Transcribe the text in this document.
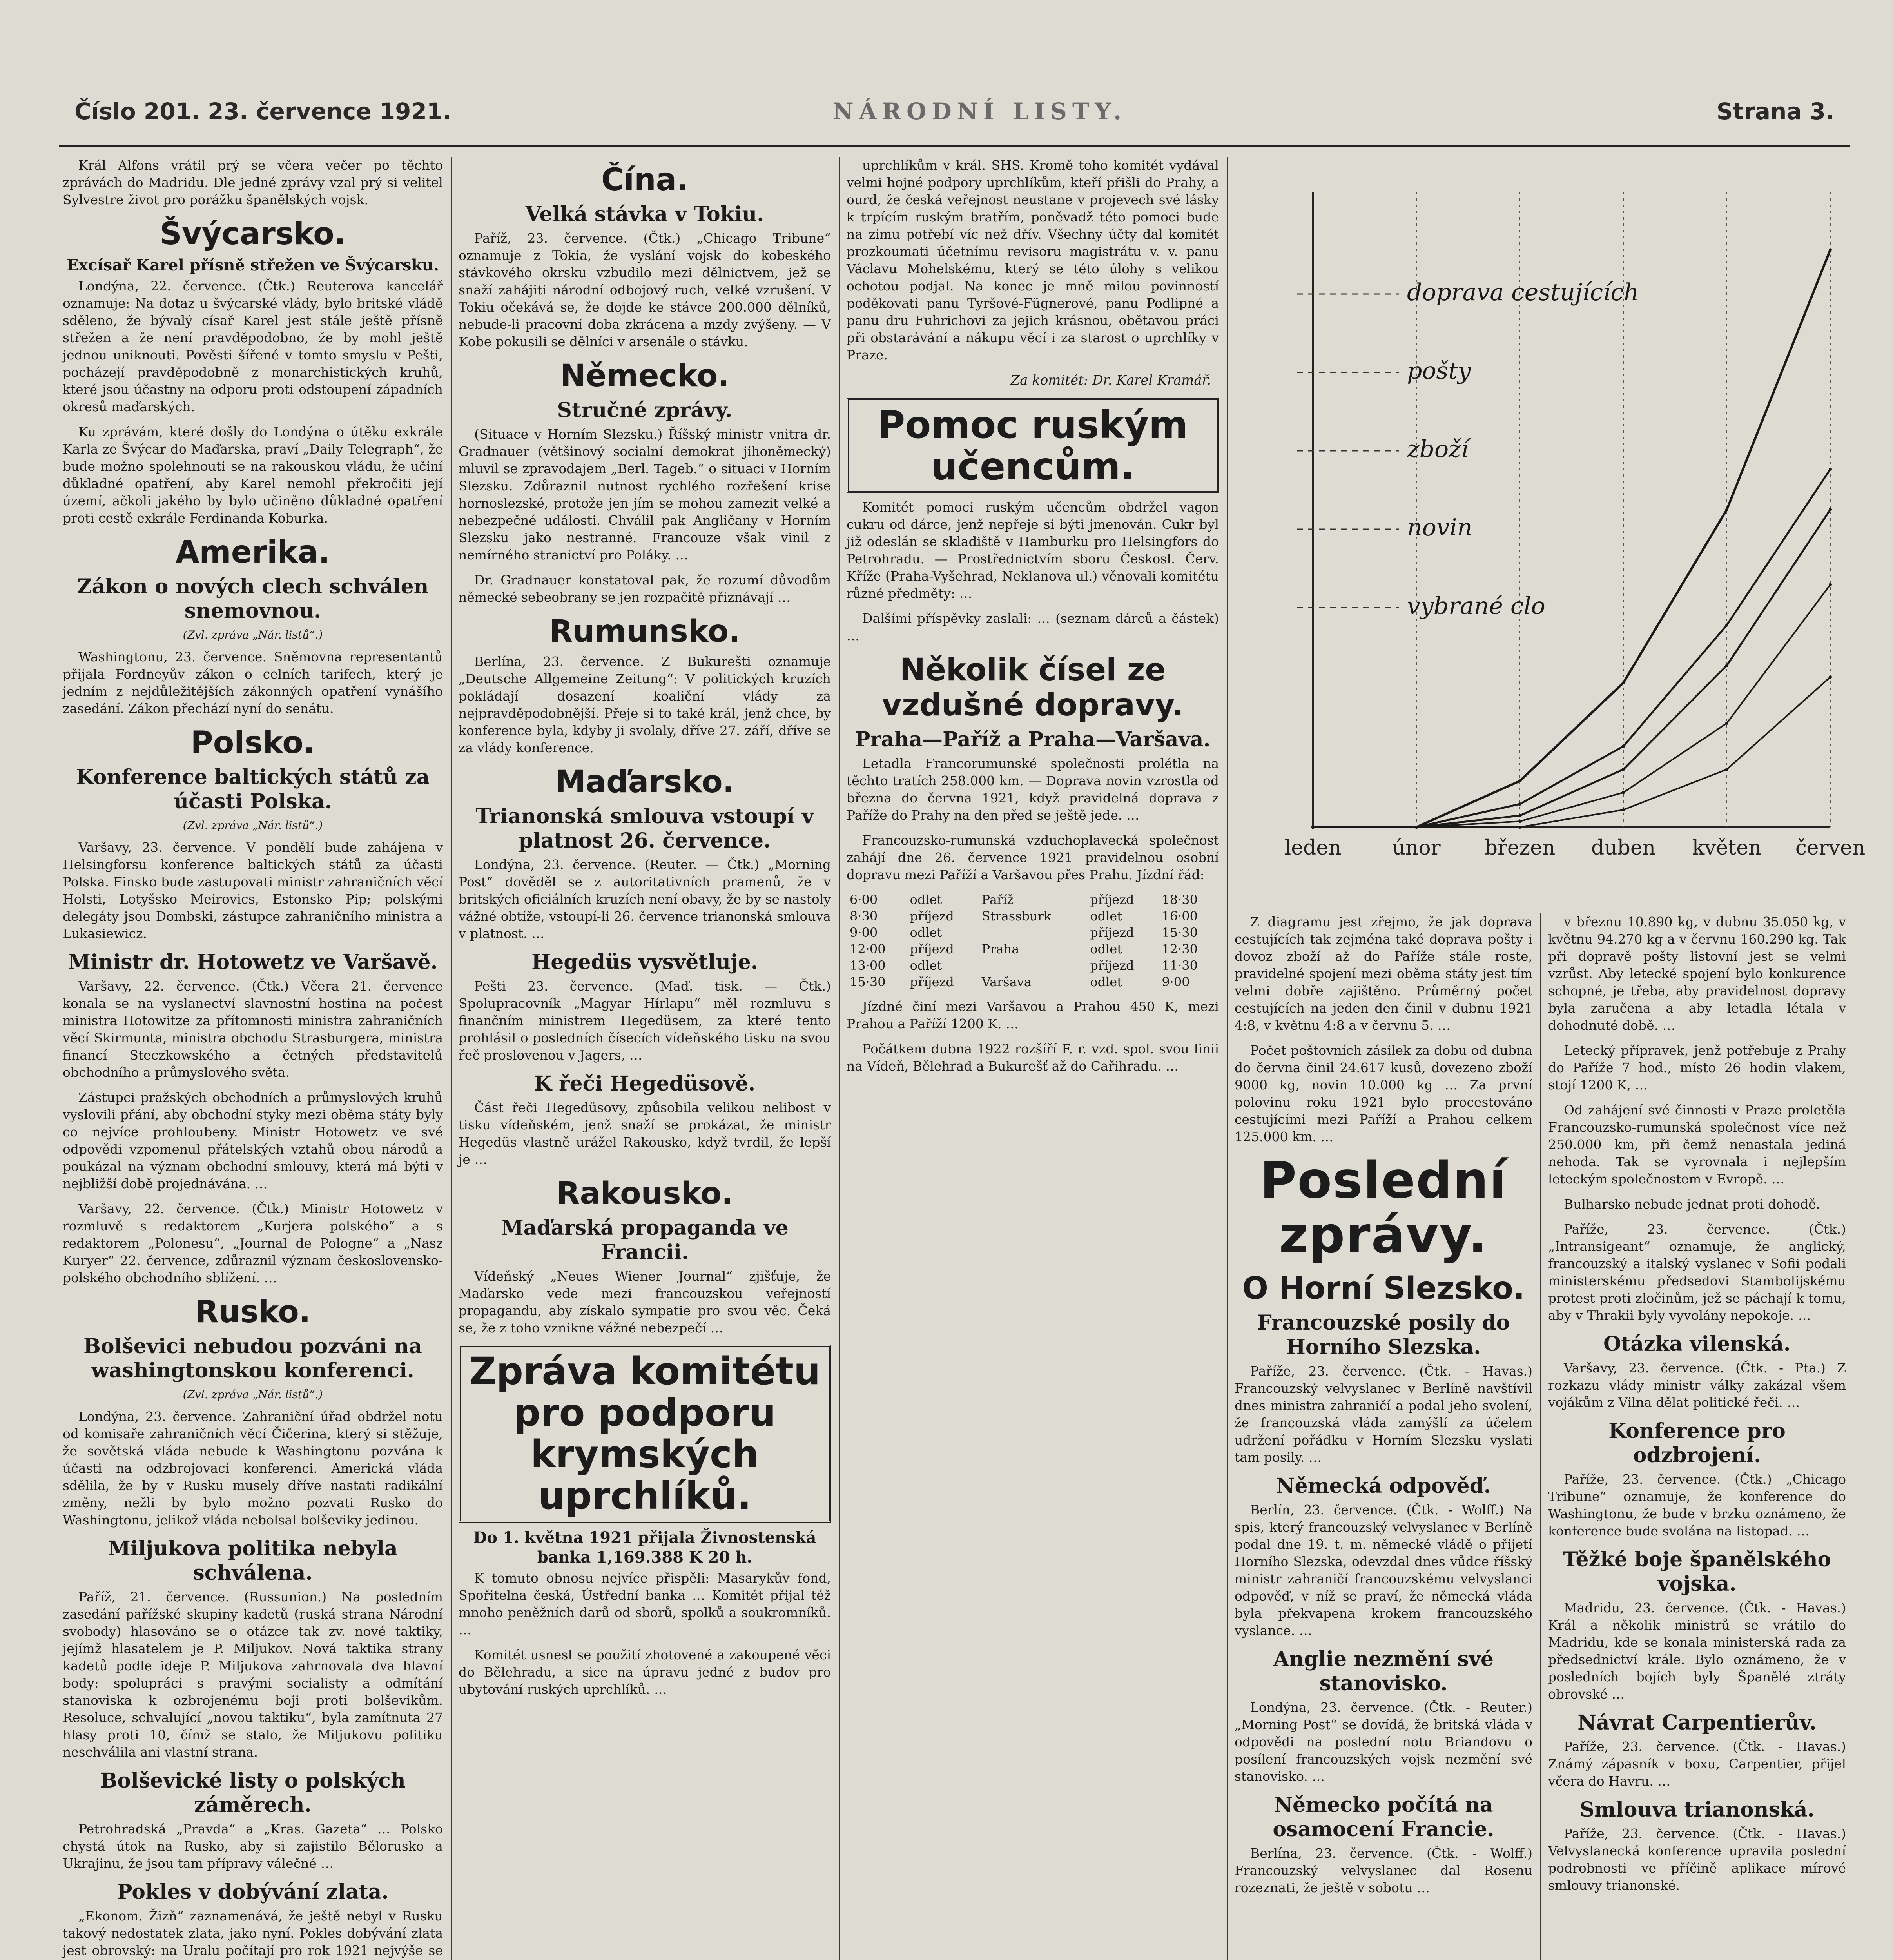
Číslo 201. 23. července 1921.	NÁRODNÍ LISTY.	Strana 3.

Král Alfons vrátil prý se včera večer po těchto zprávách do Madridu. Dle jedné zprávy vzal prý si velitel Sylvestre život pro porážku španělských vojsk.

Švýcarsko.
Excísař Karel přísně střežen ve Švýcarsku.

Londýna, 22. července. (Čtk.) Reuterova kancelář oznamuje: Na dotaz u švýcarské vlády, bylo britské vládě sděleno, že bývalý císař Karel jest stále ještě přísně střežen a že není pravděpodobno, že by mohl ještě jednou uniknouti. Pověsti šířené v tomto smyslu v Pešti, pocházejí pravděpodobně z monarchistických kruhů, které jsou účastny na odporu proti odstoupení západních okresů maďarských.

Ku zprávám, které došly do Londýna o útěku exkrále Karla ze Švýcar do Maďarska, praví „Daily Telegraph“, že bude možno spolehnouti se na rakouskou vládu, že učiní důkladné opatření, aby Karel nemohl překročiti její území, ačkoli jakého by bylo učiněno důkladné opatření proti cestě exkrále Ferdinanda Koburka.

Amerika.
Zákon o nových clech schválen snemovnou.
(Zvl. zpráva „Nár. listů“.)

Washingtonu, 23. července. Sněmovna representantů přijala Fordneyův zákon o celních tarifech, který je jedním z nejdůležitějších zákonných opatření vynášího zasedání. Zákon přechází nyní do senátu.

Polsko.
Konference baltických států za účasti Polska.
(Zvl. zpráva „Nár. listů“.)

Varšavy, 23. července. V pondělí bude zahájena v Helsingforsu konference baltických států za účasti Polska. Finsko bude zastupovati ministr zahraničních věcí Holsti, Lotyšsko Meirovics, Estonsko Pip; polskými delegáty jsou Dombski, zástupce zahraničního ministra a Lukasiewicz.

Ministr dr. Hotowetz ve Varšavě.

Varšavy, 22. července. (Čtk.) Včera 21. července konala se na vyslanectví slavnostní hostina na počest ministra Hotowitze za přítomnosti ministra zahraničních věcí Skirmunta, ministra obchodu Strasburgera, ministra financí Steczkowského a četných představitelů obchodního a průmyslového světa.

Zástupci pražských obchodních a průmyslových kruhů vyslovili přání, aby obchodní styky mezi oběma státy byly co nejvíce prohloubeny. Ministr Hotowetz ve své odpovědi vzpomenul přátelských vztahů obou národů a poukázal na význam obchodní smlouvy, která má býti v nejbližší době projednávána. …

Varšavy, 22. července. (Čtk.) Ministr Hotowetz v rozmluvě s redaktorem „Kurjera polského“ a s redaktorem „Polonesu“, „Journal de Pologne“ a „Nasz Kuryer“ 22. července, zdůraznil význam československo-polského obchodního sblížení. …

Rusko.
Bolševici nebudou pozváni na washingtonskou konferenci.
(Zvl. zpráva „Nár. listů“.)

Londýna, 23. července. Zahraniční úřad obdržel notu od komisaře zahraničních věcí Čičerina, který si stěžuje, že sovětská vláda nebude k Washingtonu pozvána k účasti na odzbrojovací konferenci. Americká vláda sdělila, že by v Rusku musely dříve nastati radikální změny, nežli by bylo možno pozvati Rusko do Washingtonu, jelikož vláda nebolsal bolševiky jedinou.

Miljukova politika nebyla schválena.

Paříž, 21. července. (Russunion.) Na posledním zasedání pařížské skupiny kadetů (ruská strana Národní svobody) hlasováno se o otázce tak zv. nové taktiky, jejímž hlasatelem je P. Miljukov. Nová taktika strany kadetů podle ideje P. Miljukova zahrnovala dva hlavní body: spolupráci s pravými socialisty a odmítání stanoviska k ozbrojenému boji proti bolševikům. Resoluce, schvalující „novou taktiku“, byla zamítnuta 27 hlasy proti 10, čímž se stalo, že Miljukovu politiku neschválila ani vlastní strana.

Bolševické listy o polských záměrech.

Petrohradská „Pravda“ a „Kras. Gazeta“ … Polsko chystá útok na Rusko, aby si zajistilo Bělorusko a Ukrajinu, že jsou tam přípravy válečné …

Pokles v dobývání zlata.

„Ekonom. Žizň“ zaznamenává, že ještě nebyl v Rusku takový nedostatek zlata, jako nyní. Pokles dobývání zlata jest obrovský: na Uralu počítají pro rok 1921 nejvýše se

Čína.
Velká stávka v Tokiu.

Paříž, 23. července. (Čtk.) „Chicago Tribune“ oznamuje z Tokia, že vyslání vojsk do kobeského stávkového okrsku vzbudilo mezi dělnictvem, jež se snaží zahájiti národní odbojový ruch, velké vzrušení. V Tokiu očekává se, že dojde ke stávce 200.000 dělníků, nebude-li pracovní doba zkrácena a mzdy zvýšeny. — V Kobe pokusili se dělníci v arsenále o stávku.

Německo.
Stručné zprávy.

(Situace v Horním Slezsku.) Říšský ministr vnitra dr. Gradnauer (většinový socialní demokrat jihoněmecký) mluvil se zpravodajem „Berl. Tageb.“ o situaci v Horním Slezsku. Zdůraznil nutnost rychlého rozřešení krise hornoslezské, protože jen jím se mohou zamezit velké a nebezpečné události. Chválil pak Angličany v Horním Slezsku jako nestranné. Francouze však vinil z nemírného stranictví pro Poláky. …

Dr. Gradnauer konstatoval pak, že rozumí důvodům německé sebeobrany se jen rozpačitě přiznávají …

Rumunsko.

Berlína, 23. července. Z Bukurešti oznamuje „Deutsche Allgemeine Zeitung“: V politických kruzích pokládají dosazení koaliční vlády za nejpravděpodobnější. Přeje si to také král, jenž chce, by konference byla, kdyby ji svolaly, dříve 27. září, dříve se za vlády konference.

Maďarsko.
Trianonská smlouva vstoupí v platnost 26. července.

Londýna, 23. července. (Reuter. — Čtk.) „Morning Post“ dověděl se z autoritativních pramenů, že v britských oficiálních kruzích není obavy, že by se nastoly vážné obtíže, vstoupí-li 26. července trianonská smlouva v platnost. …

Hegedüs vysvětluje.

Pešti 23. července. (Maď. tisk. — Čtk.) Spolupracovník „Magyar Hírlapu“ měl rozmluvu s finančním ministrem Hegedüsem, za které tento prohlásil o posledních čísecích vídeňského tisku na svou řeč proslovenou v Jagers, …

K řeči Hegedüsově.

Část řeči Hegedüsovy, způsobila velikou nelibost v tisku vídeňském, jenž snaží se prokázat, že ministr Hegedüs vlastně urážel Rakousko, když tvrdil, že lepší je …

Rakousko.
Maďarská propaganda ve Francii.

Vídeňský „Neues Wiener Journal“ zjišťuje, že Maďarsko vede mezi francouzskou veřejností propagandu, aby získalo sympatie pro svou věc. Čeká se, že z toho vznikne vážné nebezpečí …

Zpráva komitétu pro podporu krymských uprchlíků.
Do 1. května 1921 přijala Živnostenská banka 1,169.388 K 20 h.

K tomuto obnosu nejvíce přispěli: Masarykův fond, Spořitelna česká, Ústřední banka … Komitét přijal též mnoho peněžních darů od sborů, spolků a soukromníků. …

Komitét usnesl se použití zhotovené a zakoupené věci do Bělehradu, a sice na úpravu jedné z budov pro ubytování ruských uprchlíků. …

uprchlíkům v král. SHS. Kromě toho komitét vydával velmi hojné podpory uprchlíkům, kteří přišli do Prahy, a ourd, že česká veřejnost neustane v projevech své lásky k trpícím ruským bratřím, poněvadž této pomoci bude na zimu potřebí víc než dřív. Všechny účty dal komitét prozkoumati účetnímu revisoru magistrátu v. v. panu Václavu Mohelskému, který se této úlohy s velikou ochotou podjal. Na konec je mně milou povinností poděkovati panu Tyršové-Fügnerové, panu Podlipné a panu dru Fuhrichovi za jejich krásnou, obětavou práci při obstarávání a nákupu věcí i za starost o uprchlíky v Praze.

Za komitét: Dr. Karel Kramář.
Pomoc ruským učencům.

Komitét pomoci ruským učencům obdržel vagon cukru od dárce, jenž nepřeje si býti jmenován. Cukr byl již odeslán se skladiště v Hamburku pro Helsingfors do Petrohradu. — Prostřednictvím sboru Českosl. Červ. Kříže (Praha-Vyšehrad, Neklanova ul.) věnovali komitétu různé předměty: …

Dalšími příspěvky zaslali: … (seznam dárců a částek) …

Několik čísel ze vzdušné dopravy.
Praha—Paříž a Praha—Varšava.

Letadla Francorumunské společnosti prolétla na těchto tratích 258.000 km. — Doprava novin vzrostla od března do června 1921, když pravidelná doprava z Paříže do Prahy na den před se ještě jede. …

Francouzsko-rumunská vzduchoplavecká společnost zahájí dne 26. července 1921 pravidelnou osobní dopravu mezi Paříží a Varšavou přes Prahu. Jízdní řád:

6·00	odlet	Paříž	příjezd	18·30
8·30	příjezd	Strassburk	odlet	16·00
9·00	odlet		příjezd	15·30
12·00	příjezd	Praha	odlet	12·30
13·00	odlet		příjezd	11·30
15·30	příjezd	Varšava	odlet	9·00

Jízdné činí mezi Varšavou a Prahou 450 K, mezi Prahou a Paříží 1200 K. …

Počátkem dubna 1922 rozšíří F. r. vzd. spol. svou linii na Vídeň, Bělehrad a Bukurešť až do Cařihradu. …

leden únor březen duben květen červen
doprava cestujících
pošty
zboží
novin
vybrané clo

Z diagramu jest zřejmo, že jak doprava cestujících tak zejména také doprava pošty i dovoz zboží až do Paříže stále roste, pravidelné spojení mezi oběma státy jest tím velmi dobře zajištěno. Průměrný počet cestujících na jeden den činil v dubnu 1921 4:8, v květnu 4:8 a v červnu 5. …

Počet poštovních zásilek za dobu od dubna do června činil 24.617 kusů, dovezeno zboží 9000 kg, novin 10.000 kg … Za první polovinu roku 1921 bylo procestováno cestujícími mezi Paříží a Prahou celkem 125.000 km. …

Poslední zprávy.
O Horní Slezsko.
Francouzské posily do Horního Slezska.

Paříže, 23. července. (Čtk. - Havas.) Francouzský velvyslanec v Berlíně navštívil dnes ministra zahraničí a podal jeho svolení, že francouzská vláda zamýšlí za účelem udržení pořádku v Horním Slezsku vyslati tam posily. …

Německá odpověď.

Berlín, 23. července. (Čtk. - Wolff.) Na spis, který francouzský velvyslanec v Berlíně podal dne 19. t. m. německé vládě o přijetí Horního Slezska, odevzdal dnes vůdce říšský ministr zahraničí francouzskému velvyslanci odpověď, v níž se praví, že německá vláda byla překvapena krokem francouzského vyslance. …

Anglie nezmění své stanovisko.

Londýna, 23. července. (Čtk. - Reuter.) „Morning Post“ se dovídá, že britská vláda v odpovědi na poslední notu Briandovu o posílení francouzských vojsk nezmění své stanovisko. …

Německo počítá na osamocení Francie.

Berlína, 23. července. (Čtk. - Wolff.) Francouzský velvyslanec dal Rosenu rozeznati, že ještě v sobotu …

v březnu 10.890 kg, v dubnu 35.050 kg, v květnu 94.270 kg a v červnu 160.290 kg. Tak při dopravě pošty listovní jest se velmi vzrůst. Aby letecké spojení bylo konkurence schopné, je třeba, aby pravidelnost dopravy byla zaručena a aby letadla létala v dohodnuté době. …

Letecký přípravek, jenž potřebuje z Prahy do Paříže 7 hod., místo 26 hodin vlakem, stojí 1200 K, …

Od zahájení své činnosti v Praze proletěla Francouzsko-rumunská společnost více než 250.000 km, při čemž nenastala jediná nehoda. Tak se vyrovnala i nejlepším leteckým společnostem v Evropě. …

Bulharsko nebude jednat proti dohodě.

Paříže, 23. července. (Čtk.) „Intransigeant“ oznamuje, že anglický, francouzský a italský vyslanec v Sofii podali ministerskému předsedovi Stambolijskému protest proti zločinům, jež se páchají k tomu, aby v Thrakii byly vyvolány nepokoje. …

Otázka vilenská.

Varšavy, 23. července. (Čtk. - Pta.) Z rozkazu vlády ministr války zakázal všem vojákům z Vilna dělat politické řeči. …

Konference pro odzbrojení.

Paříže, 23. července. (Čtk.) „Chicago Tribune“ oznamuje, že konference do Washingtonu, že bude v brzku oznámeno, že konference bude svolána na listopad. …

Těžké boje španělského vojska.

Madridu, 23. července. (Čtk. - Havas.) Král a několik ministrů se vrátilo do Madridu, kde se konala ministerská rada za předsednictví krále. Bylo oznámeno, že v posledních bojích byly Španělé ztráty obrovské …

Návrat Carpentierův.

Paříže, 23. července. (Čtk. - Havas.) Známý zápasník v boxu, Carpentier, přijel včera do Havru. …

Smlouva trianonská.

Paříže, 23. července. (Čtk. - Havas.) Velvyslanecká konference upravila poslední podrobnosti ve příčině aplikace mírové smlouvy trianonské.
